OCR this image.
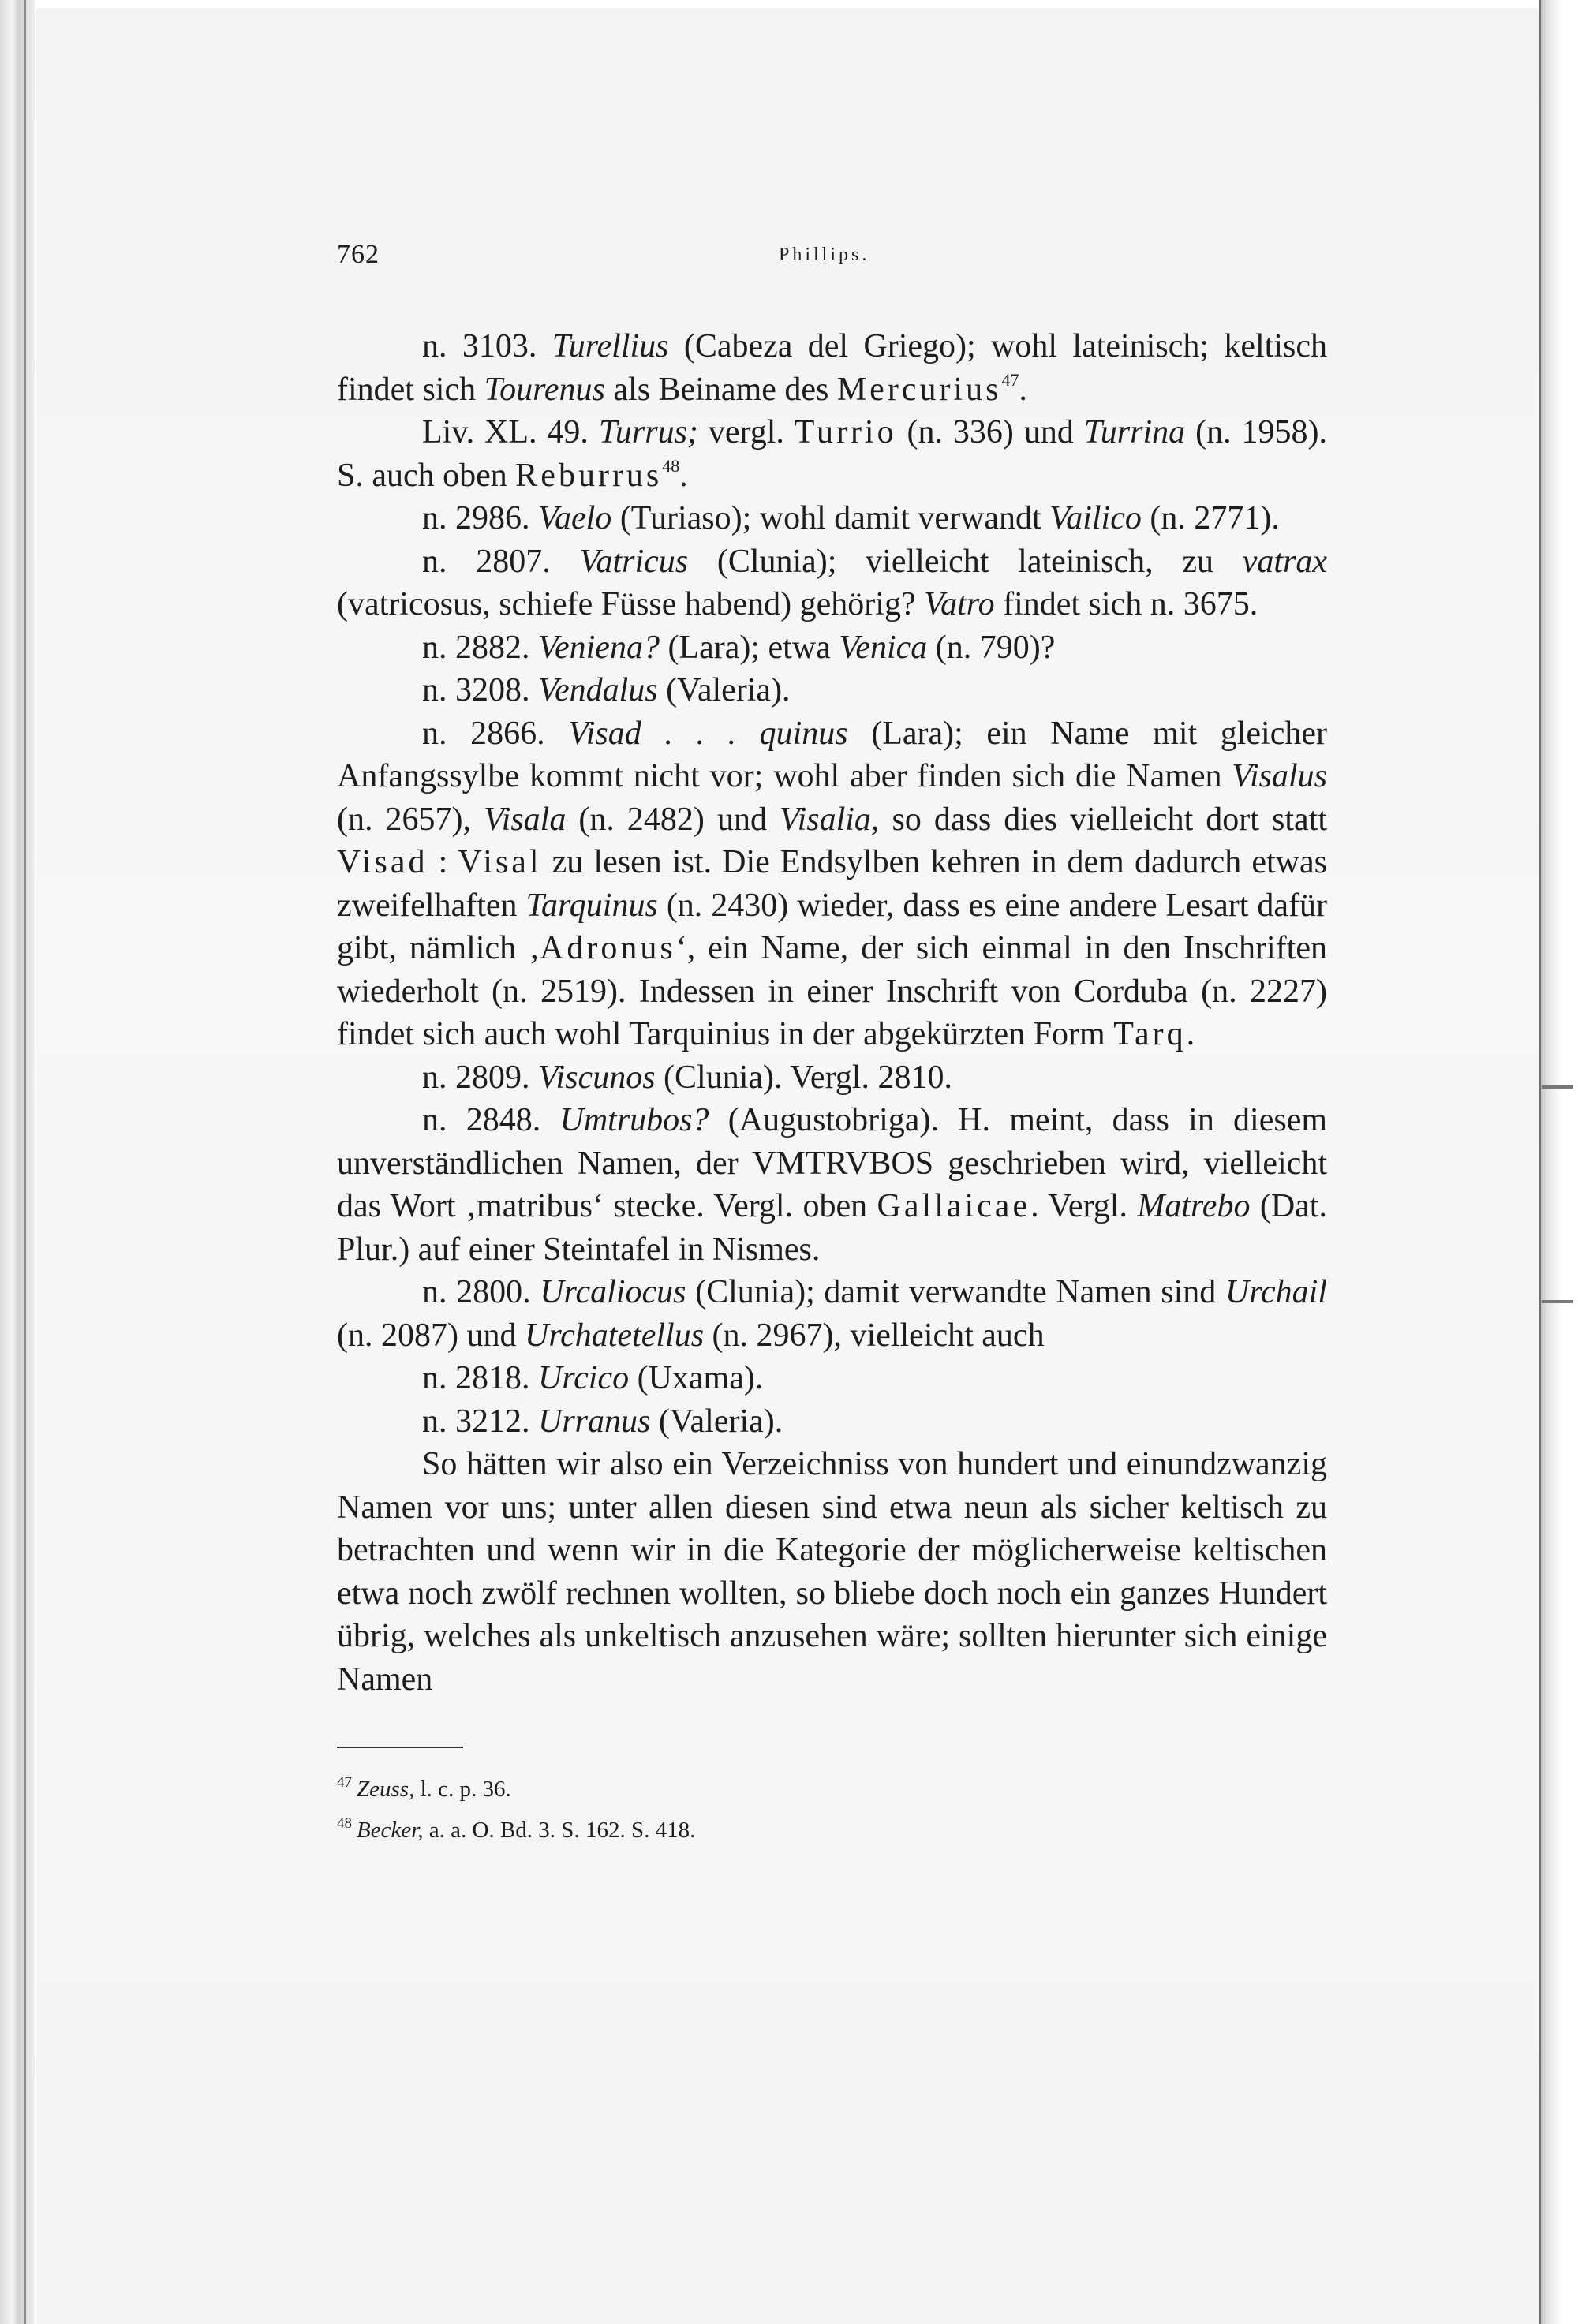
762	Phillips.

n. 3103. Turellius (Cabeza del Griego); wohl lateinisch; keltisch findet sich Tourenus als Beiname des Mercurius$^{47}$.

Liv. XL. 49. Turrus; vergl. Turrio (n. 336) und Turrina (n. 1958). S. auch oben Reburrus$^{48}$.

n. 2986. Vaelo (Turiaso); wohl damit verwandt Vailico (n. 2771).

n. 2807. Vatricus (Clunia); vielleicht lateinisch, zu vatrax (vatricosus, schiefe Füsse habend) gehörig? Vatro findet sich n. 3675.

n. 2882. Veniena? (Lara); etwa Venica (n. 790)?

n. 3208. Vendalus (Valeria).

n. 2866. Visad . . . quinus (Lara); ein Name mit gleicher Anfangssylbe kommt nicht vor; wohl aber finden sich die Namen Visalus (n. 2657), Visala (n. 2482) und Visalia, so dass dies vielleicht dort statt Visad : Visal zu lesen ist. Die Endsylben kehren in dem dadurch etwas zweifelhaften Tarquinus (n. 2430) wieder, dass es eine andere Lesart dafür gibt, nämlich ‚Adronus‘, ein Name, der sich einmal in den Inschriften wiederholt (n. 2519). Indessen in einer Inschrift von Corduba (n. 2227) findet sich auch wohl Tarquinius in der abgekürzten Form Tarq.

n. 2809. Viscunos (Clunia). Vergl. 2810.

n. 2848. Umtrubos? (Augustobriga). H. meint, dass in diesem unverständlichen Namen, der VMTRVBOS geschrieben wird, vielleicht das Wort ‚matribus‘ stecke. Vergl. oben Gallaicae. Vergl. Matrebo (Dat. Plur.) auf einer Steintafel in Nismes.

n. 2800. Urcaliocus (Clunia); damit verwandte Namen sind Urchail (n. 2087) und Urchatetellus (n. 2967), vielleicht auch

n. 2818. Urcico (Uxama).

n. 3212. Urranus (Valeria).

So hätten wir also ein Verzeichniss von hundert und einundzwanzig Namen vor uns; unter allen diesen sind etwa neun als sicher keltisch zu betrachten und wenn wir in die Kategorie der möglicherweise keltischen etwa noch zwölf rechnen wollten, so bliebe doch noch ein ganzes Hundert übrig, welches als unkeltisch anzusehen wäre; sollten hierunter sich einige Namen

$^{47}$ Zeuss, l. c. p. 36.
$^{48}$ Becker, a. a. O. Bd. 3. S. 162. S. 418.
